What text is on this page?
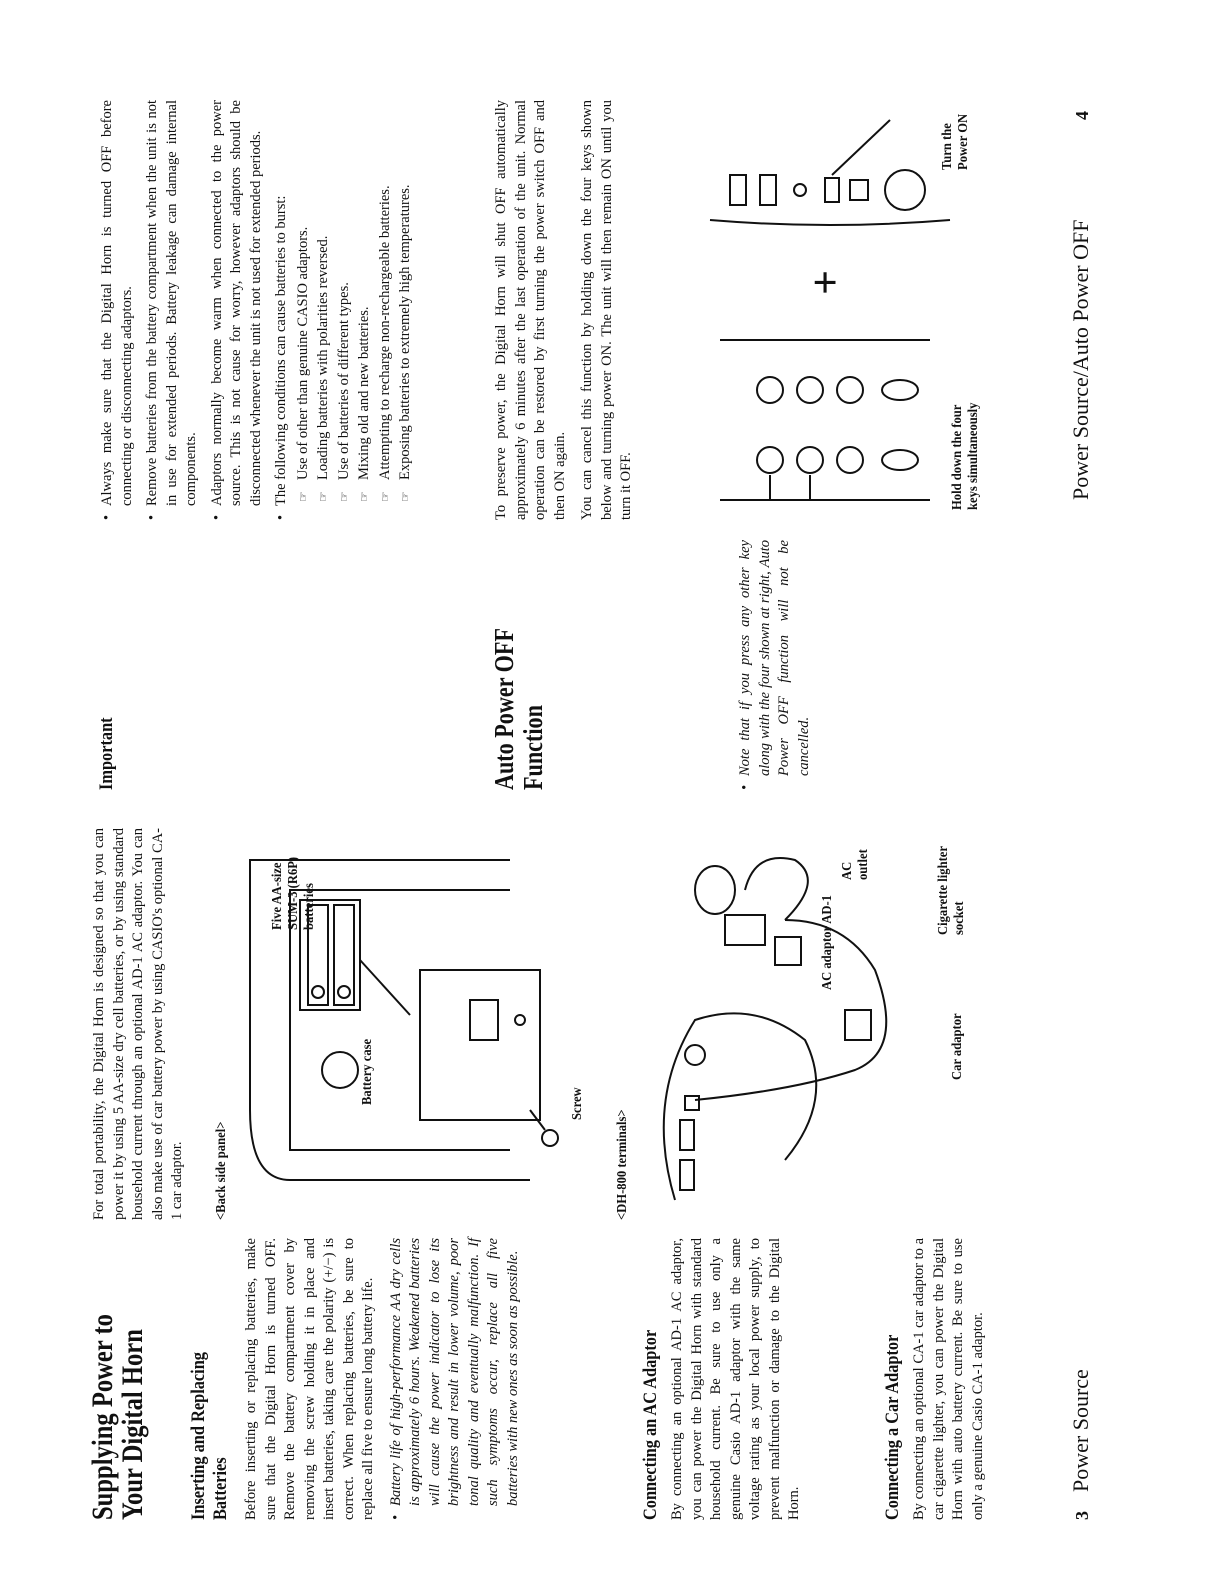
Supplying Power to
Your Digital Horn

For total portability, the Digital Horn is designed so that you can power it by using 5 AA-size dry cell batteries, or by using standard household current through an optional AD-1 AC adaptor. You can also make use of car battery power by using CASIO's optional CA-1 car adaptor.

Inserting and Replacing Batteries Before inserting or replacing batteries, make sure that the Digital Horn is turned OFF. Remove the battery compartment cover by removing the screw holding it in place and insert batteries, taking care the polarity (+/−) is correct. When replacing batteries, be sure to replace all five to ensure long battery life. • Battery life of high-performance AA dry cells is approximately 6 hours. Weakened batteries will cause the power indicator to lose its brightness and result in lower volume, poor tonal quality and eventually malfunction. If such symptoms occur, replace all five batteries with new ones as soon as possible.	Connecting an AC Adaptor By connecting an optional AD-1 AC adaptor, you can power the Digital Horn with standard household current. Be sure to use only a genuine Casio AD-1 adaptor with the same voltage rating as your local power supply, to prevent malfunction or damage to the Digital Horn.	Connecting a Car Adaptor By connecting an optional CA-1 car adaptor to a car cigarette lighter, you can power the Digital Horn with auto battery current. Be sure to use only a genuine Casio CA-1 adaptor.

<Back side panel>
Battery case	Screw
Five AA-size SUM-3 (R6P) batteries
<DH-800 terminals>
AC adaptor AD-1
AC outlet
Car adaptor
Cigarette lighter socket
3
Power Source
Important
• Always make sure that the Digital Horn is turned OFF before connecting or disconnecting adaptors. • Remove batteries from the battery compartment when the unit is not in use for extended periods. Battery leakage can damage internal components. • Adaptors normally become warm when connected to the power source. This is not cause for worry, however adaptors should be disconnected whenever the unit is not used for extended periods. • The following conditions can cause batteries to burst: ☞ Use of other than genuine CASIO adaptors. ☞ Loading batteries with polarities reversed. ☞ Use of batteries of different types. ☞ Mixing old and new batteries. ☞ Attempting to recharge non-rechargeable batteries. ☞ Exposing batteries to extremely high temperatures.
Auto Power OFF Function

To preserve power, the Digital Horn will shut OFF automatically approximately 6 minutes after the last operation of the unit. Normal operation can be restored by first turning the power switch OFF and then ON again. You can cancel this function by holding down the four keys shown below and turning power ON. The unit will then remain ON until you turn it OFF.

• Note that if you press any other key along with the four shown at right, Auto Power OFF function will not be cancelled.
Hold down the four keys simultaneously
+
Turn the Power ON
Power Source/Auto Power OFF
4
